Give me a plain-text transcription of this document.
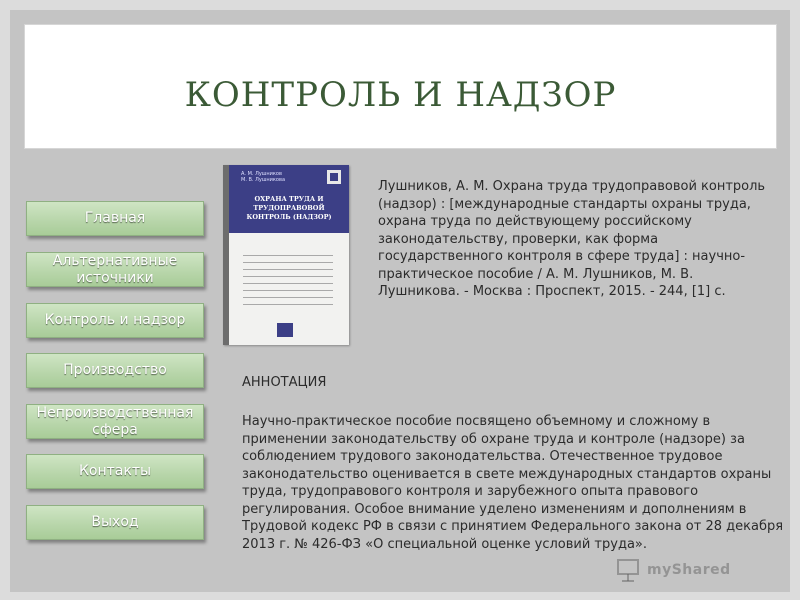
КОНТРОЛЬ И НАДЗОР
Главная
Альтернативные источники
Контроль и надзор
Производство
Непроизводственная сфера
Контакты
Выход
А. М. Лушников
М. В. Лушникова
ОХРАНА ТРУДА И ТРУДОПРАВОВОЙ КОНТРОЛЬ (НАДЗОР)
Лушников, А. М. Охрана труда трудоправовой контроль (надзор) : [международные стандарты охраны труда, охрана труда по действующему российскому законодательству, проверки, как форма государственного контроля в сфере труда] : научно-практическое пособие / А. М. Лушников, М. В. Лушникова. - Москва : Проспект, 2015. - 244, [1] с.
АННОТАЦИЯ
Научно-практическое пособие посвящено объемному и сложному в применении законодательству об охране труда и контроле (надзоре) за соблюдением трудового законодательства. Отечественное трудовое законодательство оценивается в свете международных стандартов охраны труда, трудоправового контроля и зарубежного опыта правового регулирования. Особое внимание уделено изменениям и дополнениям в Трудовой кодекс РФ в связи с принятием Федерального закона от 28 декабря 2013 г. № 426-ФЗ «О специальной оценке условий труда».
myShared
